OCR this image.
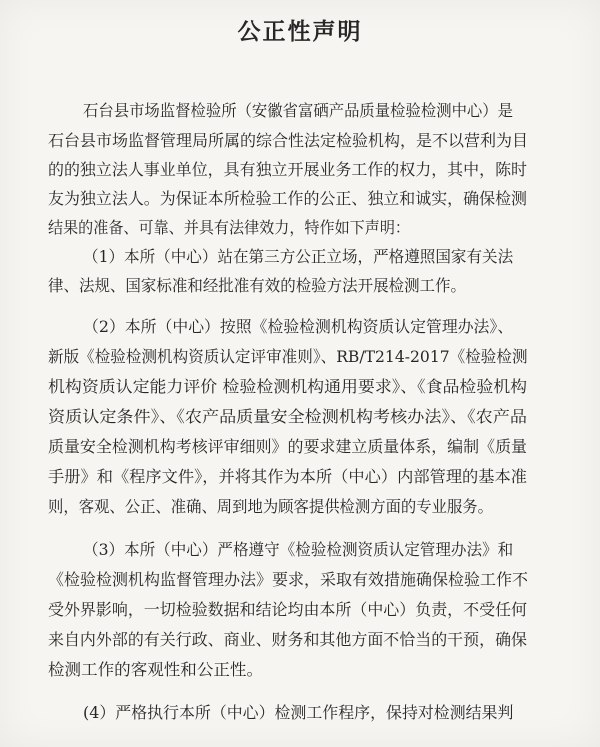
公正性声明
石台县市场监督检验所（安徽省富硒产品质量检验检测中心）是
石台县市场监督管理局所属的综合性法定检验机构，是不以营利为目
的的独立法人事业单位，具有独立开展业务工作的权力，其中，陈时
友为独立法人。为保证本所检验工作的公正、独立和诚实，确保检测
结果的准备、可靠、并具有法律效力，特作如下声明：
（1）本所（中心）站在第三方公正立场，严格遵照国家有关法
律、法规、国家标准和经批准有效的检验方法开展检测工作。
（2）本所（中心）按照《检验检测机构资质认定管理办法》、
新版《检验检测机构资质认定评审准则》、RB/T214-2017《检验检测
机构资质认定能力评价 检验检测机构通用要求》、《食品检验机构
资质认定条件》、《农产品质量安全检测机构考核办法》、《农产品
质量安全检测机构考核评审细则》的要求建立质量体系，编制《质量
手册》和《程序文件》，并将其作为本所（中心）内部管理的基本准
则，客观、公正、准确、周到地为顾客提供检测方面的专业服务。
（3）本所（中心）严格遵守《检验检测资质认定管理办法》和
《检验检测机构监督管理办法》要求，采取有效措施确保检验工作不
受外界影响，一切检验数据和结论均由本所（中心）负责，不受任何
来自内外部的有关行政、商业、财务和其他方面不恰当的干预，确保
检测工作的客观性和公正性。
(4）严格执行本所（中心）检测工作程序，保持对检测结果判
